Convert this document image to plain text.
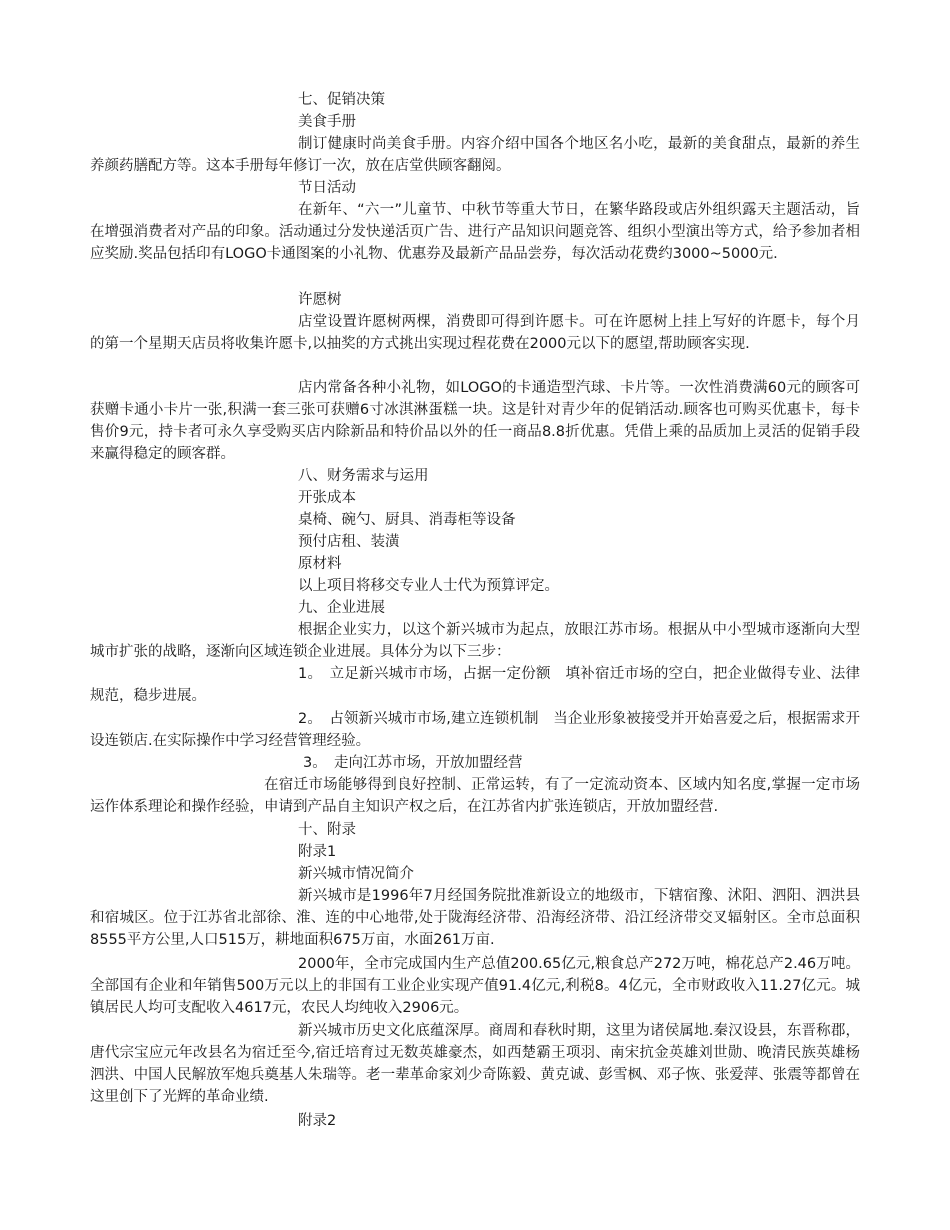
七、促销决策
美食手册
制订健康时尚美食手册。内容介绍中国各个地区名小吃，最新的美食甜点，最新的养生养颜药膳配方等。这本手册每年修订一次，放在店堂供顾客翻阅。
节日活动
在新年、“六一”儿童节、中秋节等重大节日，在繁华路段或店外组织露天主题活动，旨在增强消费者对产品的印象。活动通过分发快递活页广告、进行产品知识问题竞答、组织小型演出等方式，给予参加者相应奖励.奖品包括印有LOGO卡通图案的小礼物、优惠券及最新产品品尝券，每次活动花费约3000~5000元.
许愿树
店堂设置许愿树两棵，消费即可得到许愿卡。可在许愿树上挂上写好的许愿卡，每个月的第一个星期天店员将收集许愿卡,以抽奖的方式挑出实现过程花费在2000元以下的愿望,帮助顾客实现.
店内常备各种小礼物，如LOGO的卡通造型汽球、卡片等。一次性消费满60元的顾客可获赠卡通小卡片一张,积满一套三张可获赠6寸冰淇淋蛋糕一块。这是针对青少年的促销活动.顾客也可购买优惠卡，每卡售价9元，持卡者可永久享受购买店内除新品和特价品以外的任一商品8.8折优惠。凭借上乘的品质加上灵活的促销手段来赢得稳定的顾客群。
八、财务需求与运用
开张成本
桌椅、碗勺、厨具、消毒柜等设备
预付店租、装潢
原材料
以上项目将移交专业人士代为预算评定。
九、企业进展
根据企业实力，以这个新兴城市为起点，放眼江苏市场。根据从中小型城市逐渐向大型城市扩张的战略，逐渐向区域连锁企业进展。具体分为以下三步：
1。　立足新兴城市市场，占据一定份额　填补宿迁市场的空白，把企业做得专业、法律规范，稳步进展。
2。　占领新兴城市市场,建立连锁机制　当企业形象被接受并开始喜爱之后，根据需求开设连锁店.在实际操作中学习经营管理经验。
3。　走向江苏市场，开放加盟经营
在宿迁市场能够得到良好控制、正常运转，有了一定流动资本、区域内知名度,掌握一定市场运作体系理论和操作经验，申请到产品自主知识产权之后，在江苏省内扩张连锁店，开放加盟经营.
十、附录
附录1
新兴城市情况简介
新兴城市是1996年7月经国务院批准新设立的地级市，下辖宿豫、沭阳、泗阳、泗洪县和宿城区。位于江苏省北部徐、淮、连的中心地带,处于陇海经济带、沿海经济带、沿江经济带交叉辐射区。全市总面积8555平方公里,人口515万，耕地面积675万亩，水面261万亩.
2000年，全市完成国内生产总值200.65亿元,粮食总产272万吨，棉花总产2.46万吨。全部国有企业和年销售500万元以上的非国有工业企业实现产值91.4亿元,利税8。4亿元，全市财政收入11.27亿元。城镇居民人均可支配收入4617元，农民人均纯收入2906元。
新兴城市历史文化底蕴深厚。商周和春秋时期，这里为诸侯属地.秦汉设县，东晋称郡，唐代宗宝应元年改县名为宿迁至今,宿迁培育过无数英雄豪杰，如西楚霸王项羽、南宋抗金英雄刘世勋、晚清民族英雄杨泗洪、中国人民解放军炮兵奠基人朱瑞等。老一辈革命家刘少奇陈毅、黄克诚、彭雪枫、邓子恢、张爱萍、张震等都曾在这里创下了光辉的革命业绩.
附录2
